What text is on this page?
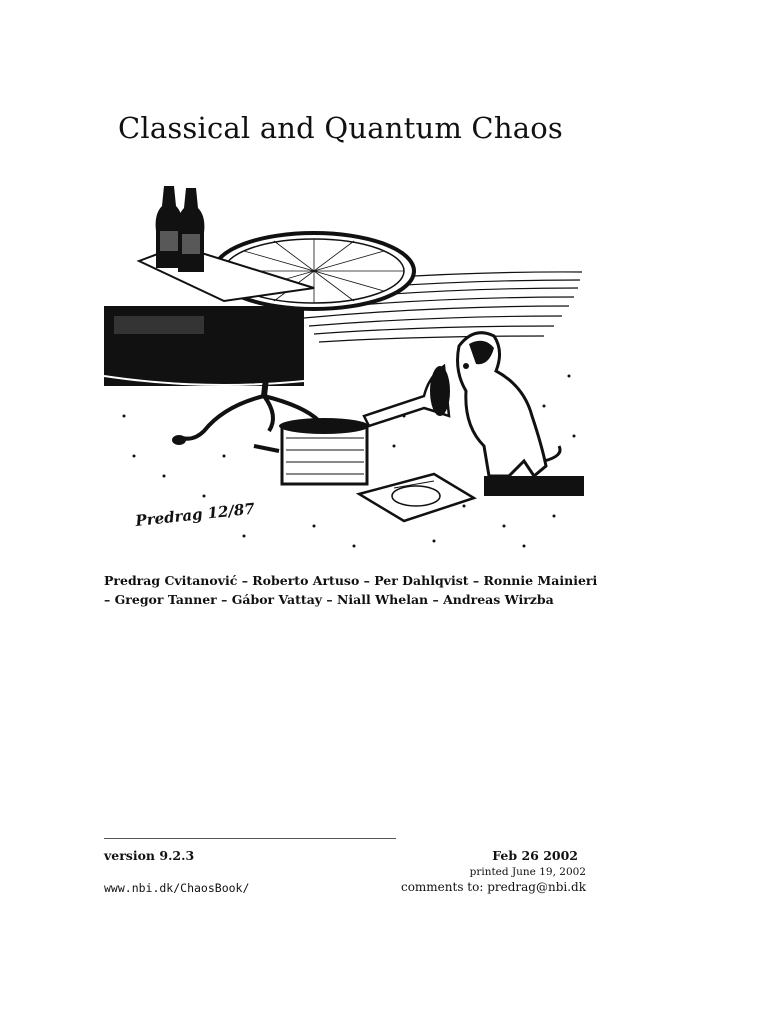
Classical and Quantum Chaos
Predrag 12/87
Predrag Cvitanović – Roberto Artuso – Per Dahlqvist – Ronnie Mainieri
– Gregor Tanner – Gábor Vattay – Niall Whelan – Andreas Wirzba
version 9.2.3	Feb 26 2002
printed June 19, 2002
www.nbi.dk/ChaosBook/	comments to: predrag@nbi.dk
